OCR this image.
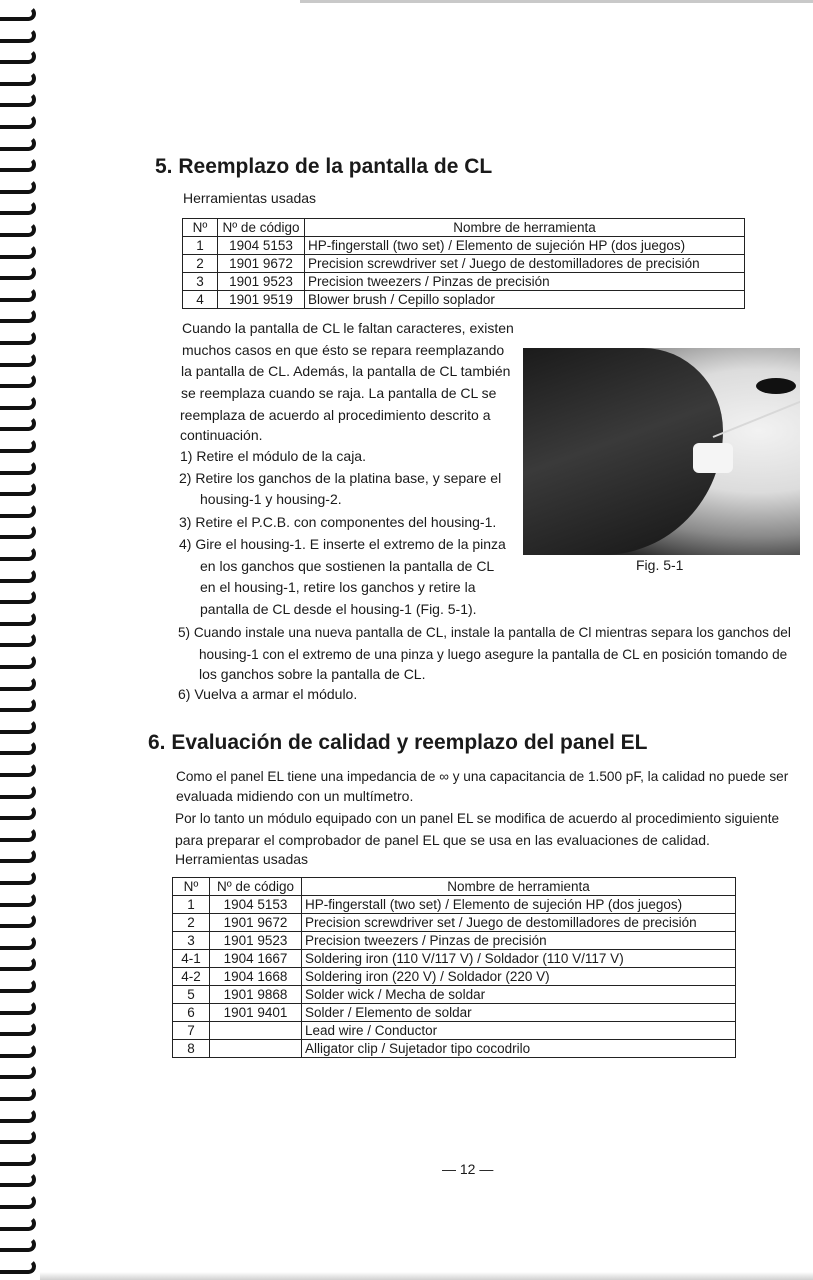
5. Reemplazo de la pantalla de CL

Herramientas usadas

Nº	Nº de código	Nombre de herramienta
1	1904 5153	HP-fingerstall (two set) / Elemento de sujeción HP (dos juegos)
2	1901 9672	Precision screwdriver set / Juego de destomilladores de precisión
3	1901 9523	Precision tweezers / Pinzas de precisión
4	1901 9519	Blower brush / Cepillo soplador

Cuando la pantalla de CL le faltan caracteres, existen

muchos casos en que ésto se repara reemplazando

la pantalla de CL. Además, la pantalla de CL también

se reemplaza cuando se raja. La pantalla de CL se

reemplaza de acuerdo al procedimiento descrito a

continuación.

1) Retire el módulo de la caja.

2) Retire los ganchos de la platina base, y separe el

housing-1 y housing-2.

3) Retire el P.C.B. con componentes del housing-1.

4) Gire el housing-1. E inserte el extremo de la pinza

en los ganchos que sostienen la pantalla de CL

en el housing-1, retire los ganchos y retire la

pantalla de CL desde el housing-1 (Fig. 5-1).

5) Cuando instale una nueva pantalla de CL, instale la pantalla de Cl mientras separa los ganchos del

housing-1 con el extremo de una pinza y luego asegure la pantalla de CL en posición tomando de

los ganchos sobre la pantalla de CL.

6) Vuelva a armar el módulo.

Fig. 5-1
6. Evaluación de calidad y reemplazo del panel EL

Como el panel EL tiene una impedancia de ∞ y una capacitancia de 1.500 pF, la calidad no puede ser

evaluada midiendo con un multímetro.

Por lo tanto un módulo equipado con un panel EL se modifica de acuerdo al procedimiento siguiente

para preparar el comprobador de panel EL que se usa en las evaluaciones de calidad.

Herramientas usadas

Nº	Nº de código	Nombre de herramienta
1	1904 5153	HP-fingerstall (two set) / Elemento de sujeción HP (dos juegos)
2	1901 9672	Precision screwdriver set / Juego de destomilladores de precisión
3	1901 9523	Precision tweezers / Pinzas de precisión
4-1	1904 1667	Soldering iron (110 V/117 V) / Soldador (110 V/117 V)
4-2	1904 1668	Soldering iron (220 V) / Soldador (220 V)
5	1901 9868	Solder wick / Mecha de soldar
6	1901 9401	Solder / Elemento de soldar
7		Lead wire / Conductor
8		Alligator clip / Sujetador tipo cocodrilo
— 12 —
